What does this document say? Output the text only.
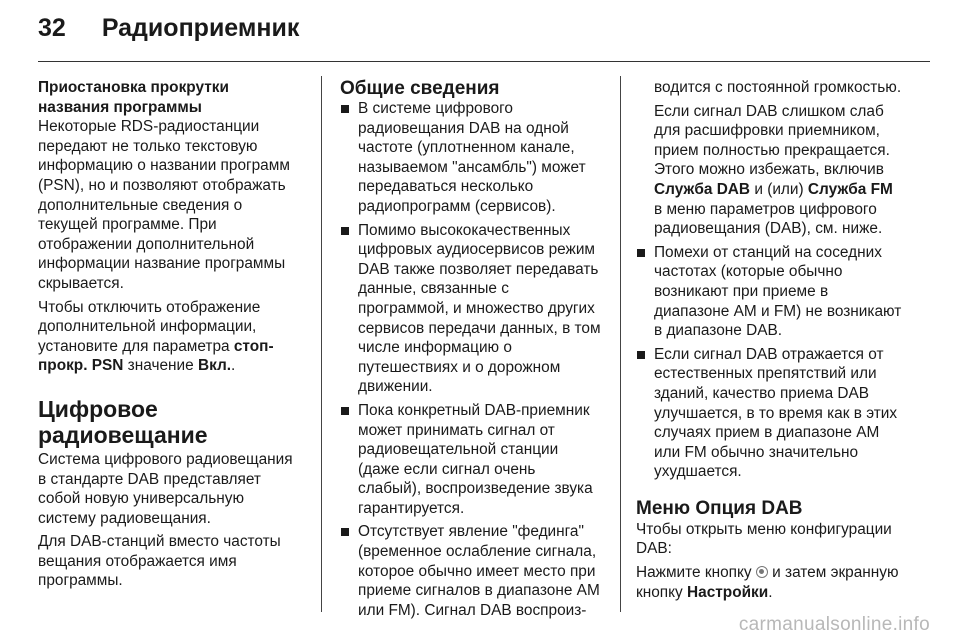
32 Радиоприемник
Приостановка прокрутки названия программы

Некоторые RDS-радиостанции передают не только текстовую информацию о названии программ (PSN), но и позволяют отображать дополнительные сведения о текущей программе. При отображении дополнительной информации название программы скрывается.

Чтобы отключить отображение дополнительной информации, установите для параметра стоп-прокр. PSN значение Вкл..

Цифровое радиовещание

Система цифрового радиовещания в стандарте DAB представляет собой новую универсальную систему радиовещания.

Для DAB-станций вместо частоты вещания отображается имя программы.

Общие сведения
В системе цифрового радиовещания DAB на одной частоте (уплотненном канале, называемом "ансамбль") может передаваться несколько радиопрограмм (сервисов).
Помимо высококачественных цифровых аудиосервисов режим DAB также позволяет передавать данные, связанные с программой, и множество других сервисов передачи данных, в том числе информацию о путешествиях и о дорожном движении.
Пока конкретный DAB-приемник может принимать сигнал от радиовещательной станции (даже если сигнал очень слабый), воспроизведение звука гарантируется.
Отсутствует явление "фединга" (временное ослабление сигнала, которое обычно имеет место при приеме сигналов в диапазоне AM или FM). Сигнал DAB воспроиз-

водится с постоянной громкостью.

Если сигнал DAB слишком слаб для расшифровки приемником, прием полностью прекращается. Этого можно избежать, включив Служба DAB и (или) Служба FM в меню параметров цифрового радиовещания (DAB), см. ниже.

Помехи от станций на соседних частотах (которые обычно возникают при приеме в диапазоне AM и FM) не возникают в диапазоне DAB.
Если сигнал DAB отражается от естественных препятствий или зданий, качество приема DAB улучшается, в то время как в этих случаях прием в диапазоне AM или FM обычно значительно ухудшается.
Меню Опция DAB

Чтобы открыть меню конфигурации DAB:

Нажмите кнопку  и затем экранную кнопку Настройки.

carmanualsonline.info
